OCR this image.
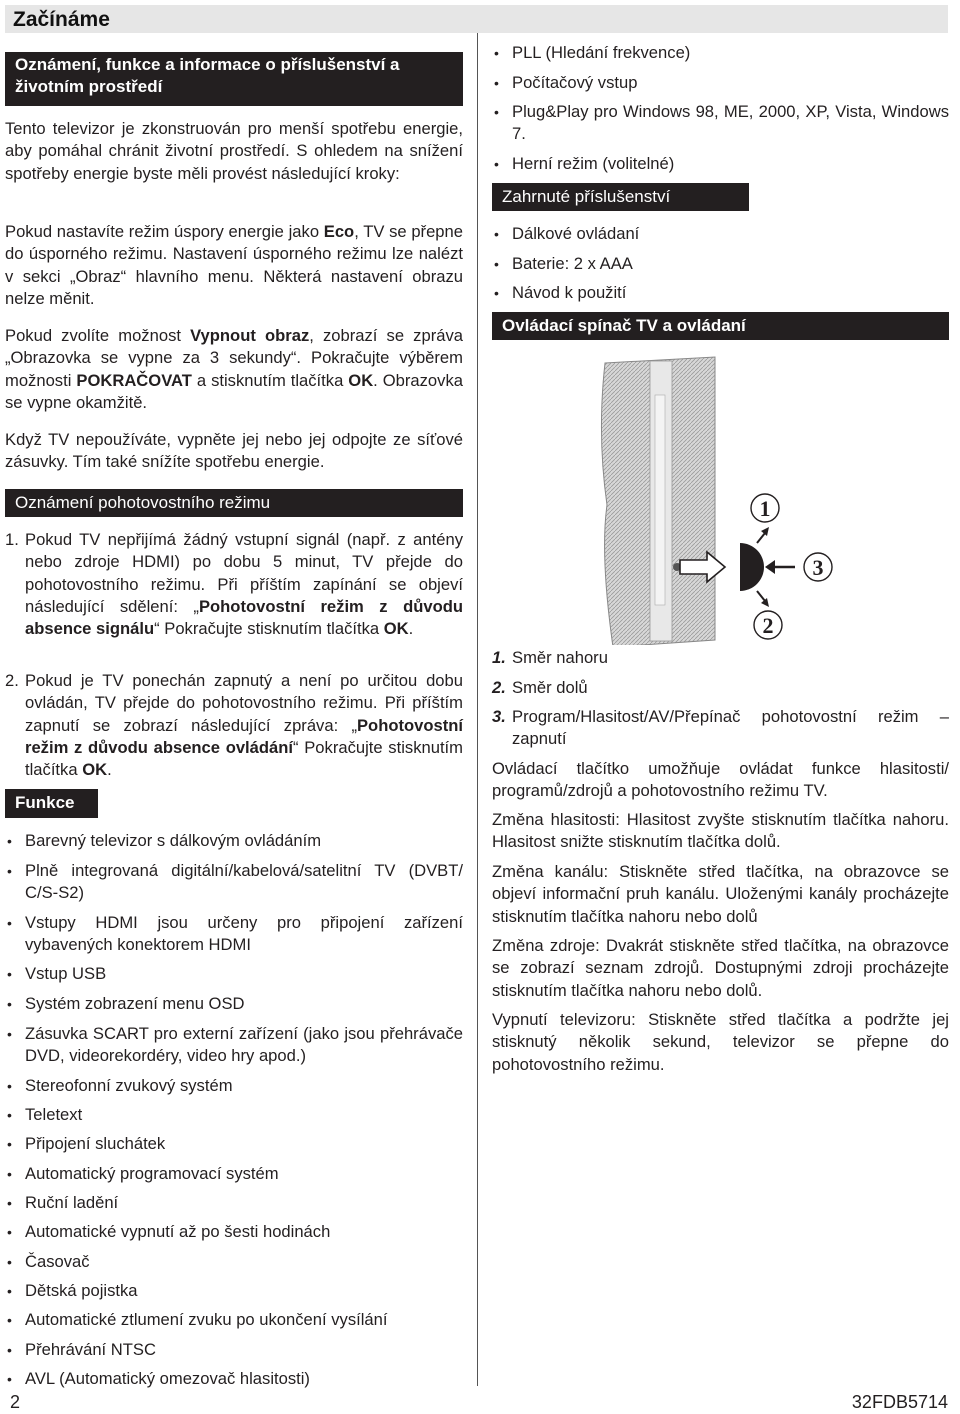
Začínáme
Oznámení, funkce a informace o příslušenství a životním prostředí
Tento televizor je zkonstruován pro menší spotřebu energie, aby pomáhal chránit životní prostředí. S ohledem na snížení spotřeby energie byste měli provést následující kroky:
Pokud nastavíte režim úspory energie jako Eco, TV se přepne do úsporného režimu. Nastavení úsporného režimu lze nalézt v sekci „Obraz“ hlavního menu. Některá nastavení obrazu nelze měnit.
Pokud zvolíte možnost Vypnout obraz, zobrazí se zpráva „Obrazovka se vypne za 3 sekundy“. Pokračujte výběrem možnosti POKRAČOVAT a stisknutím tlačítka OK. Obrazovka se vypne okamžitě.
Když TV nepoužíváte, vypněte jej nebo jej odpojte ze síťové zásuvky. Tím také snížíte spotřebu energie.
Oznámení pohotovostního režimu
1. Pokud TV nepřijímá žádný vstupní signál (např. z antény nebo zdroje HDMI) po dobu 5 minut, TV přejde do pohotovostního režimu. Při příštím zapínání se objeví následující sdělení: „Pohotovostní režim z důvodu absence signálu“ Pokračujte stisknutím tlačítka OK.
2. Pokud je TV ponechán zapnutý a není po určitou dobu ovládán, TV přejde do pohotovostního režimu. Při příštím zapnutí se zobrazí následující zpráva: „Pohotovostní režim z důvodu absence ovládání“ Pokračujte stisknutím tlačítka OK.
Funkce
• Barevný televizor s dálkovým ovládáním
• Plně integrovaná digitální/kabelová/satelitní TV (DVBT/ C/S-S2)
• Vstupy HDMI jsou určeny pro připojení zařízení vybavených konektorem HDMI
• Vstup USB
• Systém zobrazení menu OSD
• Zásuvka SCART pro externí zařízení (jako jsou přehrávače DVD, videorekordéry, video hry apod.)
• Stereofonní zvukový systém
• Teletext
• Připojení sluchátek
• Automatický programovací systém
• Ruční ladění
• Automatické vypnutí až po šesti hodinách
• Časovač
• Dětská pojistka
• Automatické ztlumení zvuku po ukončení vysílání
• Přehrávání NTSC
• AVL (Automatický omezovač hlasitosti)
• PLL (Hledání frekvence)
• Počítačový vstup
• Plug&Play pro Windows 98, ME, 2000, XP, Vista, Windows 7.
• Herní režim (volitelné)
Zahrnuté příslušenství
• Dálkové ovládaní
• Baterie: 2 x AAA
• Návod k použití
Ovládací spínač TV a ovládaní
1
2
3
1. Směr nahoru
2. Směr dolů
3. Program/Hlasitost/AV/Přepínač pohotovostní režim – zapnutí
Ovládací tlačítko umožňuje ovládat funkce hlasitosti/ programů/zdrojů a pohotovostního režimu TV.
Změna hlasitosti: Hlasitost zvyšte stisknutím tlačítka nahoru. Hlasitost snižte stisknutím tlačítka dolů.
Změna kanálu: Stiskněte střed tlačítka, na obrazovce se objeví informační pruh kanálu. Uloženými kanály procházejte stisknutím tlačítka nahoru nebo dolů
Změna zdroje: Dvakrát stiskněte střed tlačítka, na obrazovce se zobrazí seznam zdrojů. Dostupnými zdroji procházejte stisknutím tlačítka nahoru nebo dolů.
Vypnutí televizoru: Stiskněte střed tlačítka a podržte jej stisknutý několik sekund, televizor se přepne do pohotovostního režimu.
2	32FDB5714
